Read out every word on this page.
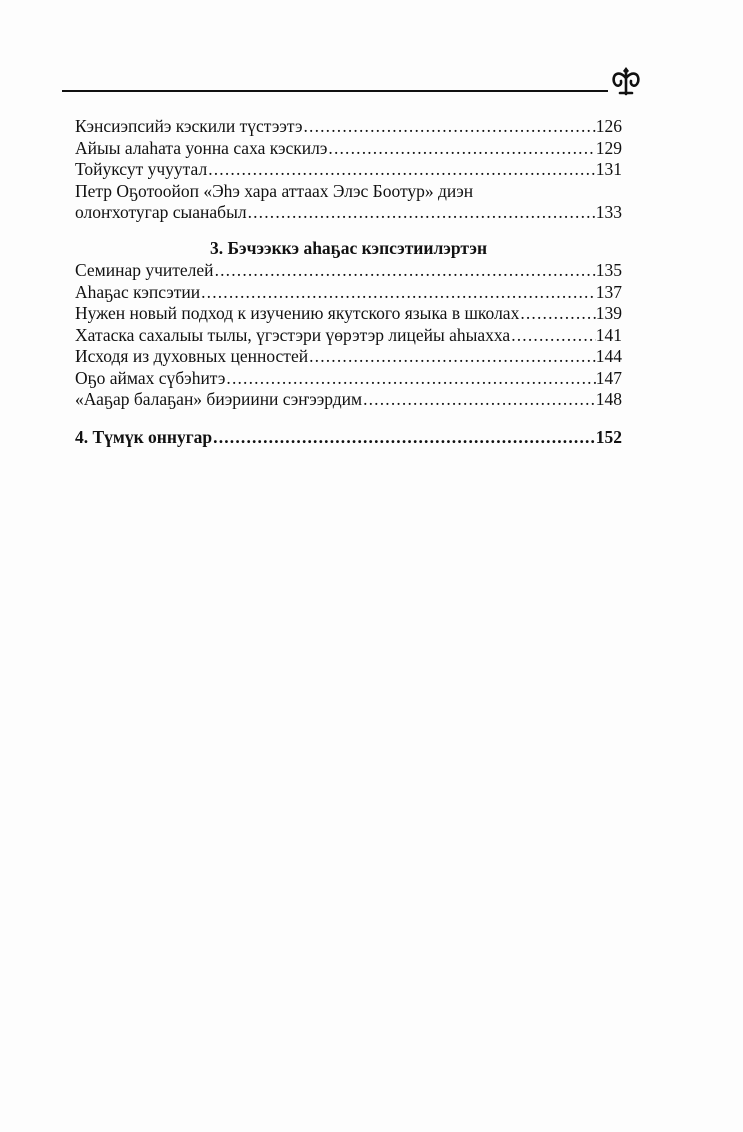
Кэнсиэпсийэ кэскили түстээтэ . . .	126
Айыы алаһата уонна саха кэскилэ . . .	129
Тойуксут учуутал . . .	131
Петр Оҕотоойоп «Эһэ хара аттаах Элэс Боотур» диэн
олоҥхотугар сыанабыл . . .	133
3. Бэчээккэ аһаҕас кэпсэтиилэртэн
Семинар учителей . . .	135
Аһаҕас кэпсэтии . . .	137
Нужен новый подход к изучению якутского языка в школах . . .	139
Хатаска сахалыы тылы, үгэстэри үөрэтэр лицейы аһыахха . . .	141
Исходя из духовных ценностей . . .	144
Оҕо аймах сүбэһитэ . . .	147
«Ааҕар балаҕан» биэриини сэҥээрдим . . .	148
4. Түмүк оннугар . . .	152
